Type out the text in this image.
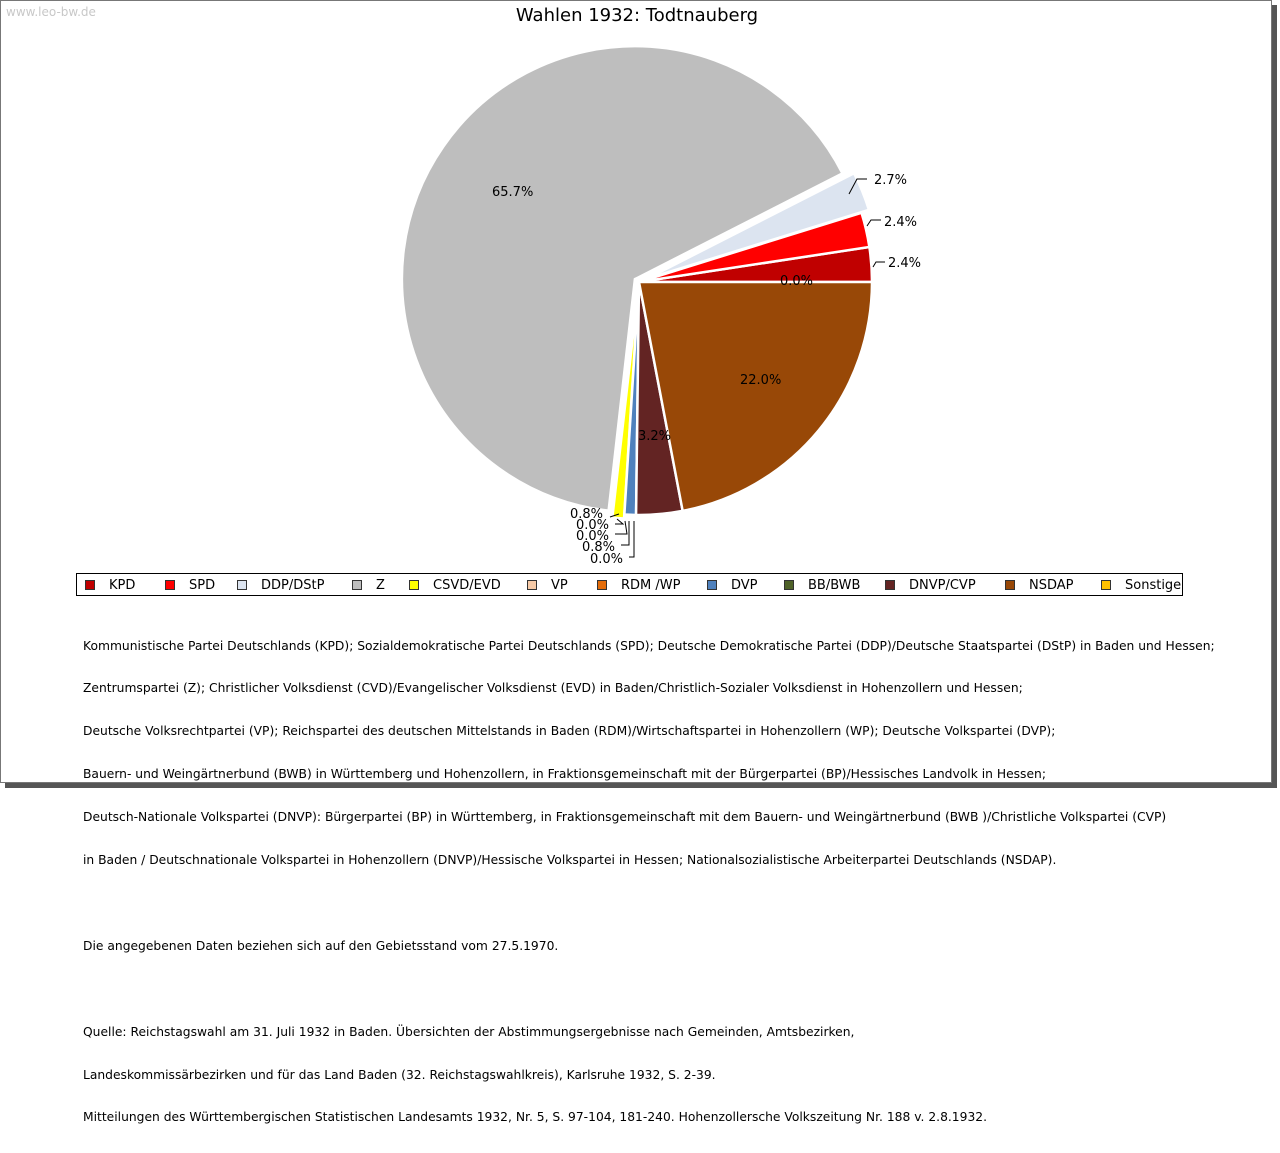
www.leo-bw.de	Wahlen 1932: Todtnauberg
2.7%
2.4%
2.4%
0.0%
65.7%
22.0%
3.2%
0.8%
0.0%
0.0%
0.8%
0.0%
KPD	SPD	DDP/DStP	Z	CSVD/EVD	VP	RDM /WP	DVP	BB/BWB	DNVP/CVP	NSDAP	Sonstige

Kommunistische Partei Deutschlands (KPD); Sozialdemokratische Partei Deutschlands (SPD); Deutsche Demokratische Partei (DDP)/Deutsche Staatspartei (DStP) in Baden und Hessen;

Zentrumspartei (Z); Christlicher Volksdienst (CVD)/Evangelischer Volksdienst (EVD) in Baden/Christlich-Sozialer Volksdienst in Hohenzollern und Hessen;

Deutsche Volksrechtpartei (VP); Reichspartei des deutschen Mittelstands in Baden (RDM)/Wirtschaftspartei in Hohenzollern (WP); Deutsche Volkspartei (DVP);

Bauern- und Weingärtnerbund (BWB) in Württemberg und Hohenzollern, in Fraktionsgemeinschaft mit der Bürgerpartei (BP)/Hessisches Landvolk in Hessen;

Deutsch-Nationale Volkspartei (DNVP): Bürgerpartei (BP) in Württemberg, in Fraktionsgemeinschaft mit dem Bauern- und Weingärtnerbund (BWB )/Christliche Volkspartei (CVP)

in Baden / Deutschnationale Volkspartei in Hohenzollern (DNVP)/Hessische Volkspartei in Hessen; Nationalsozialistische Arbeiterpartei Deutschlands (NSDAP).

Die angegebenen Daten beziehen sich auf den Gebietsstand vom 27.5.1970.

Quelle: Reichstagswahl am 31. Juli 1932 in Baden. Übersichten der Abstimmungsergebnisse nach Gemeinden, Amtsbezirken,

Landeskommissärbezirken und für das Land Baden (32. Reichstagswahlkreis), Karlsruhe 1932, S. 2-39.

Mitteilungen des Württembergischen Statistischen Landesamts 1932, Nr. 5, S. 97-104, 181-240. Hohenzollersche Volkszeitung Nr. 188 v. 2.8.1932.
